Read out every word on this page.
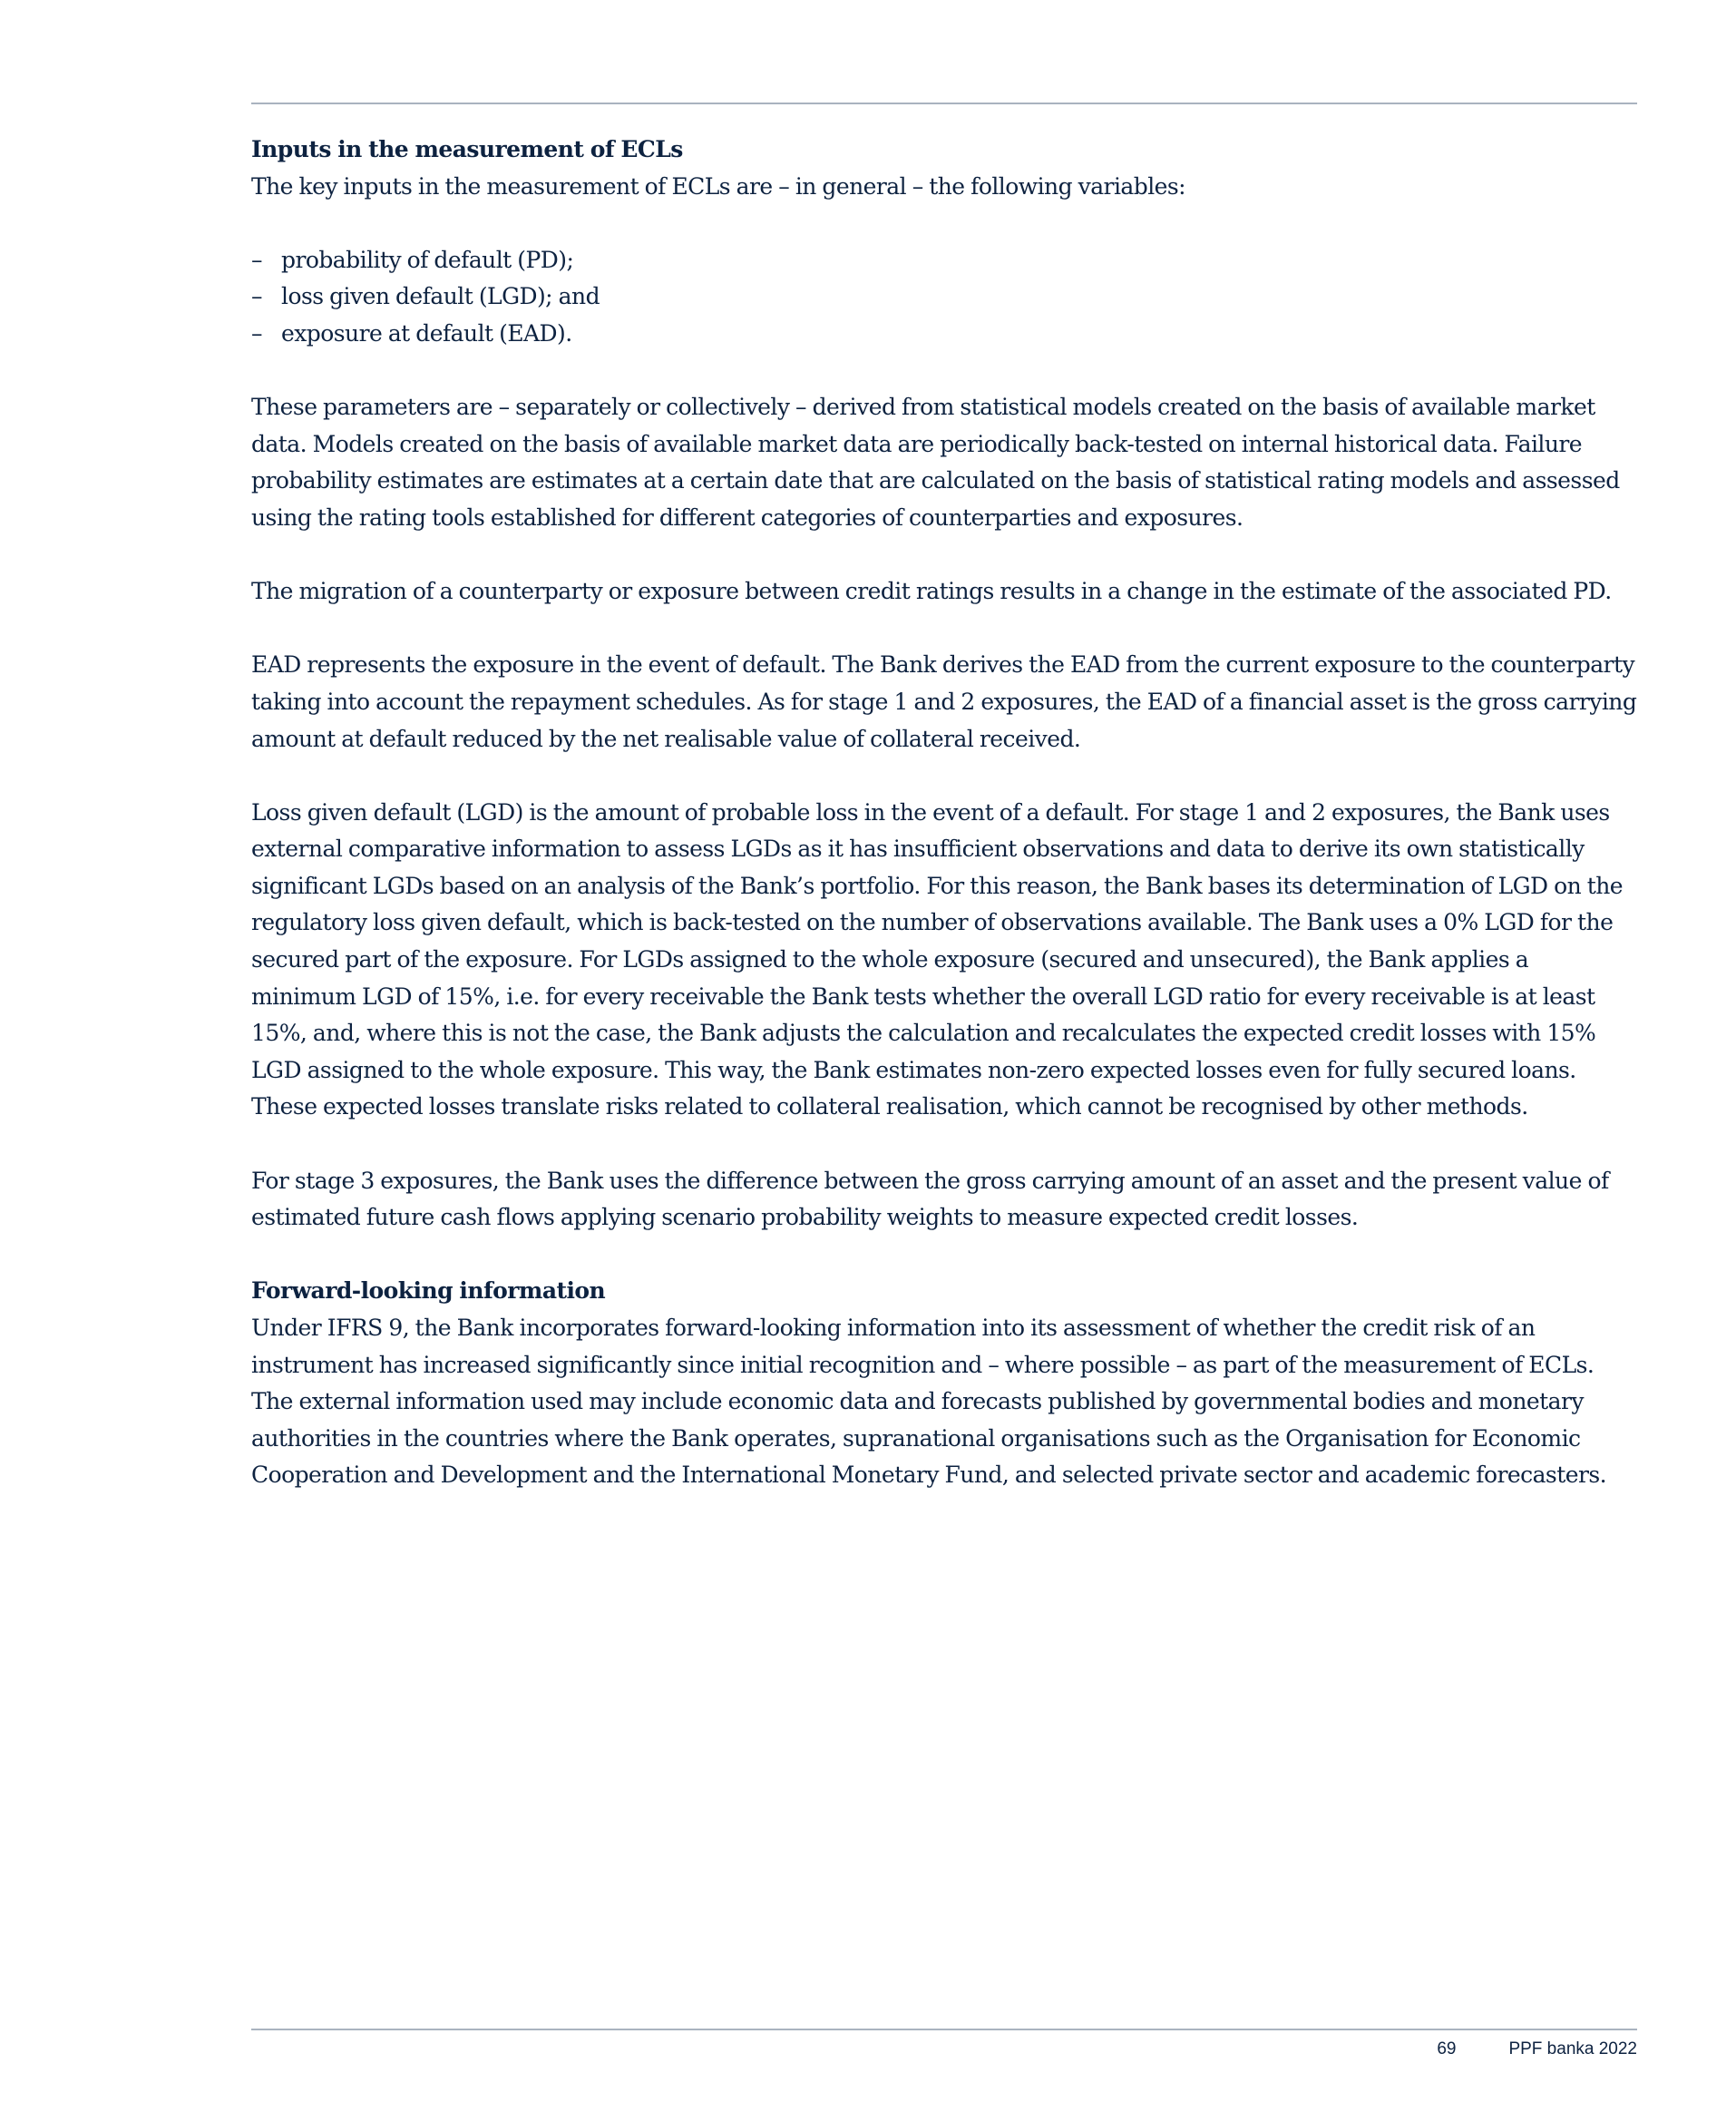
Inputs in the measurement of ECLs

The key inputs in the measurement of ECLs are – in general – the following variables:

– probability of default (PD);
– loss given default (LGD); and
– exposure at default (EAD).

These parameters are – separately or collectively – derived from statistical models created on the basis of available market data. Models created on the basis of available market data are periodically back-tested on internal historical data. Failure probability estimates are estimates at a certain date that are calculated on the basis of statistical rating models and assessed using the rating tools established for different categories of counterparties and exposures.

The migration of a counterparty or exposure between credit ratings results in a change in the estimate of the associated PD.

EAD represents the exposure in the event of default. The Bank derives the EAD from the current exposure to the counterparty taking into account the repayment schedules. As for stage 1 and 2 exposures, the EAD of a financial asset is the gross carrying amount at default reduced by the net realisable value of collateral received.

Loss given default (LGD) is the amount of probable loss in the event of a default. For stage 1 and 2 exposures, the Bank uses external comparative information to assess LGDs as it has insufficient observations and data to derive its own statistically significant LGDs based on an analysis of the Bank’s portfolio. For this reason, the Bank bases its determination of LGD on the regulatory loss given default, which is back-tested on the number of observations available. The Bank uses a 0% LGD for the secured part of the exposure. For LGDs assigned to the whole exposure (secured and unsecured), the Bank applies a minimum LGD of 15%, i.e. for every receivable the Bank tests whether the overall LGD ratio for every receivable is at least 15%, and, where this is not the case, the Bank adjusts the calculation and recalculates the expected credit losses with 15% LGD assigned to the whole exposure. This way, the Bank estimates non-zero expected losses even for fully secured loans. These expected losses translate risks related to collateral realisation, which cannot be recognised by other methods.

For stage 3 exposures, the Bank uses the difference between the gross carrying amount of an asset and the present value of estimated future cash flows applying scenario probability weights to measure expected credit losses.

Forward-looking information

Under IFRS 9, the Bank incorporates forward-looking information into its assessment of whether the credit risk of an instrument has increased significantly since initial recognition and – where possible – as part of the measurement of ECLs. The external information used may include economic data and forecasts published by governmental bodies and monetary authorities in the countries where the Bank operates, supranational organisations such as the Organisation for Economic Cooperation and Development and the International Monetary Fund, and selected private sector and academic forecasters.

69	PPF banka 2022
